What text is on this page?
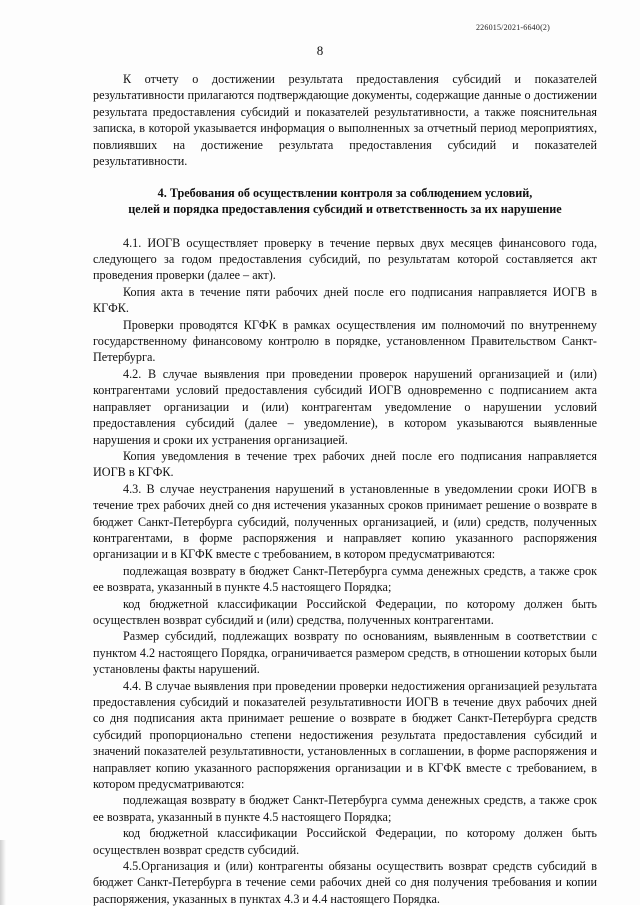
226015/2021-6640(2)
8

К отчету о достижении результата предоставления субсидий и показателей результативности прилагаются подтверждающие документы, содержащие данные о достижении результата предоставления субсидий и показателей результативности, а также пояснительная записка, в которой указывается информация о выполненных за отчетный период мероприятиях, повлиявших на достижение результата предоставления субсидий и показателей результативности.

4. Требования об осуществлении контроля за соблюдением условий,
целей и порядка предоставления субсидий и ответственность за их нарушение

4.1. ИОГВ осуществляет проверку в течение первых двух месяцев финансового года, следующего за годом предоставления субсидий, по результатам которой составляется акт проведения проверки (далее – акт).

Копия акта в течение пяти рабочих дней после его подписания направляется ИОГВ в КГФК.

Проверки проводятся КГФК в рамках осуществления им полномочий по внутреннему государственному финансовому контролю в порядке, установленном Правительством Санкт-Петербурга.

4.2. В случае выявления при проведении проверок нарушений организацией и (или) контрагентами условий предоставления субсидий ИОГВ одновременно с подписанием акта направляет организации и (или) контрагентам уведомление о нарушении условий предоставления субсидий (далее – уведомление), в котором указываются выявленные нарушения и сроки их устранения организацией.

Копия уведомления в течение трех рабочих дней после его подписания направляется ИОГВ в КГФК.

4.3. В случае неустранения нарушений в установленные в уведомлении сроки ИОГВ в течение трех рабочих дней со дня истечения указанных сроков принимает решение о возврате в бюджет Санкт-Петербурга субсидий, полученных организацией, и (или) средств, полученных контрагентами, в форме распоряжения и направляет копию указанного распоряжения организации и в КГФК вместе с требованием, в котором предусматриваются:

подлежащая возврату в бюджет Санкт-Петербурга сумма денежных средств, а также срок ее возврата, указанный в пункте 4.5 настоящего Порядка;

код бюджетной классификации Российской Федерации, по которому должен быть осуществлен возврат субсидий и (или) средства, полученных контрагентами.

Размер субсидий, подлежащих возврату по основаниям, выявленным в соответствии с пунктом 4.2 настоящего Порядка, ограничивается размером средств, в отношении которых были установлены факты нарушений.

4.4. В случае выявления при проведении проверки недостижения организацией результата предоставления субсидий и показателей результативности ИОГВ в течение двух рабочих дней со дня подписания акта принимает решение о возврате в бюджет Санкт-Петербурга средств субсидий пропорционально степени недостижения результата предоставления субсидий и значений показателей результативности, установленных в соглашении, в форме распоряжения и направляет копию указанного распоряжения организации и в КГФК вместе с требованием, в котором предусматриваются:

подлежащая возврату в бюджет Санкт-Петербурга сумма денежных средств, а также срок ее возврата, указанный в пункте 4.5 настоящего Порядка;

код бюджетной классификации Российской Федерации, по которому должен быть осуществлен возврат средств субсидий.

4.5.Организация и (или) контрагенты обязаны осуществить возврат средств субсидий в бюджет Санкт-Петербурга в течение семи рабочих дней со дня получения требования и копии распоряжения, указанных в пунктах 4.3 и 4.4 настоящего Порядка.
